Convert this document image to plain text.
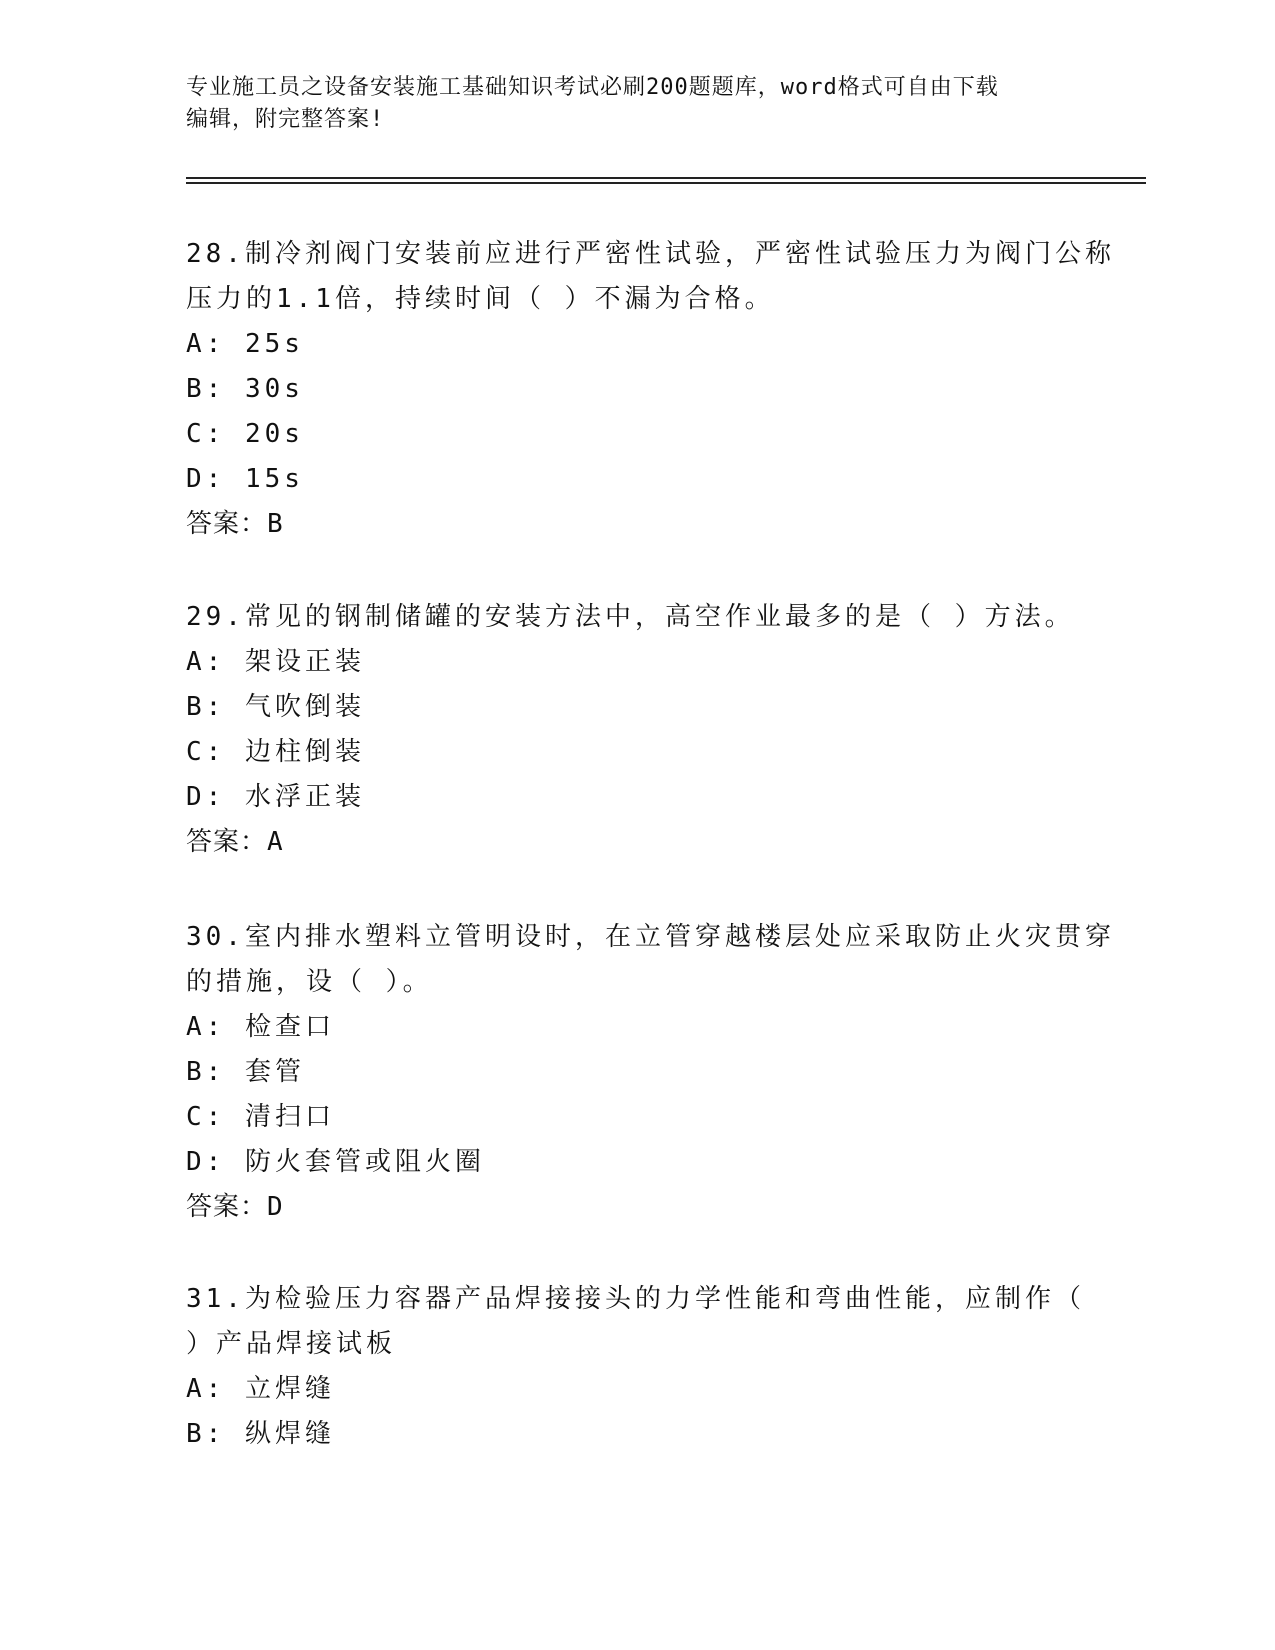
专业施工员之设备安装施工基础知识考试必刷200题题库，word格式可自由下载
编辑，附完整答案!
28.制冷剂阀门安装前应进行严密性试验，严密性试验压力为阀门公称
压力的1.1倍，持续时间（ ）不漏为合格。
A: 25s
B: 30s
C: 20s
D: 15s
答案：B
29.常见的钢制储罐的安装方法中，高空作业最多的是（ ）方法。
A: 架设正装
B: 气吹倒装
C: 边柱倒装
D: 水浮正装
答案：A
30.室内排水塑料立管明设时，在立管穿越楼层处应采取防止火灾贯穿
的措施，设（ ）。
A: 检查口
B: 套管
C: 清扫口
D: 防火套管或阻火圈
答案：D
31.为检验压力容器产品焊接接头的力学性能和弯曲性能，应制作（
）产品焊接试板
A: 立焊缝
B: 纵焊缝
